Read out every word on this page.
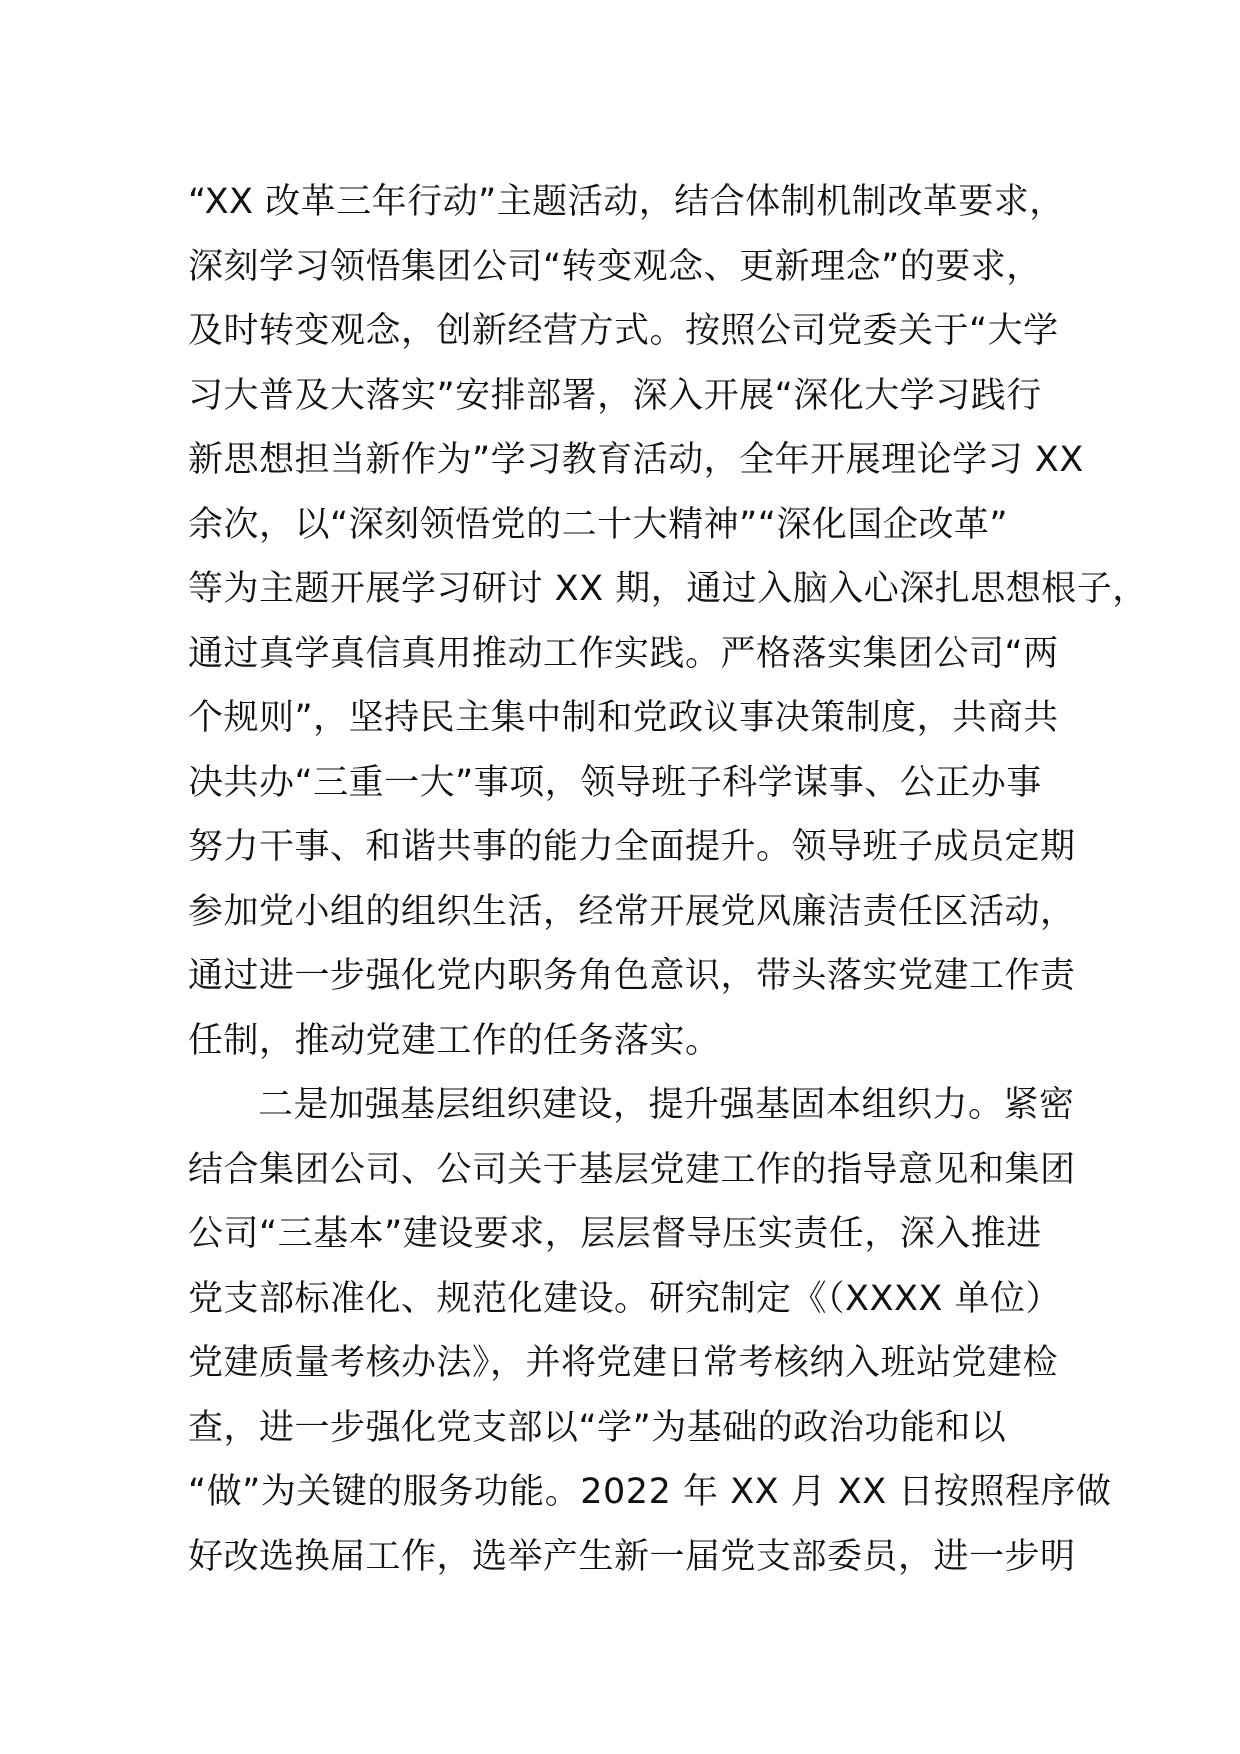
“XX 改革三年行动”主题活动，结合体制机制改革要求，
深刻学习领悟集团公司“转变观念、更新理念”的要求，
及时转变观念，创新经营方式。按照公司党委关于“大学
习大普及大落实”安排部署，深入开展“深化大学习践行
新思想担当新作为”学习教育活动，全年开展理论学习 XX
余次，以“深刻领悟党的二十大精神”“深化国企改革”
等为主题开展学习研讨 XX 期，通过入脑入心深扎思想根子，
通过真学真信真用推动工作实践。严格落实集团公司“两
个规则”，坚持民主集中制和党政议事决策制度，共商共
决共办“三重一大”事项，领导班子科学谋事、公正办事
努力干事、和谐共事的能力全面提升。领导班子成员定期
参加党小组的组织生活，经常开展党风廉洁责任区活动，
通过进一步强化党内职务角色意识，带头落实党建工作责
任制，推动党建工作的任务落实。
二是加强基层组织建设，提升强基固本组织力。紧密
结合集团公司、公司关于基层党建工作的指导意见和集团
公司“三基本”建设要求，层层督导压实责任，深入推进
党支部标准化、规范化建设。研究制定《（XXXX 单位）
党建质量考核办法》，并将党建日常考核纳入班站党建检
查，进一步强化党支部以“学”为基础的政治功能和以
“做”为关键的服务功能。2022 年 XX 月 XX 日按照程序做
好改选换届工作，选举产生新一届党支部委员，进一步明
